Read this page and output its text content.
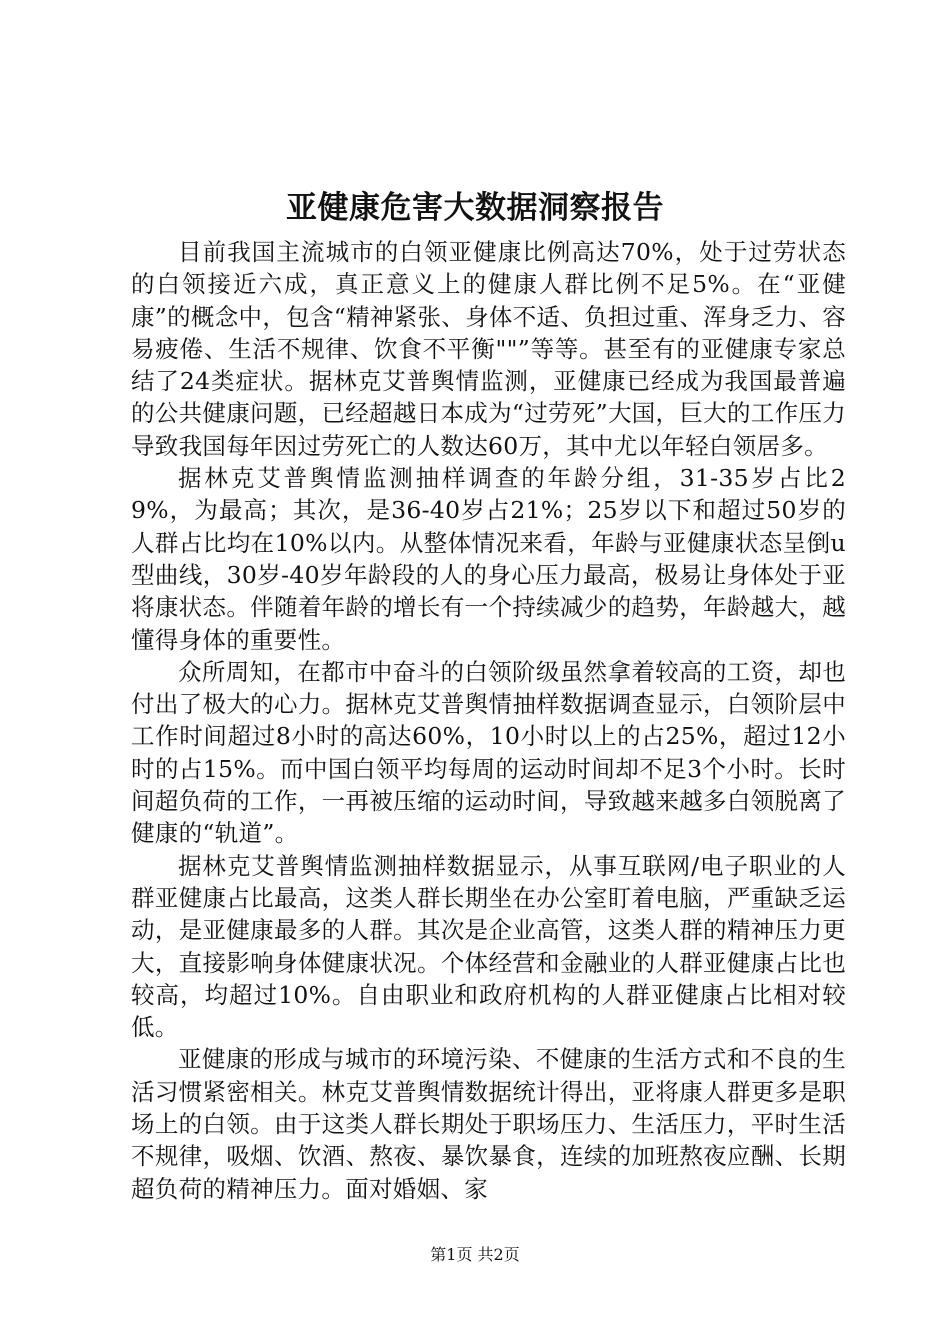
亚健康危害大数据洞察报告

目前我国主流城市的白领亚健康比例高达70%，处于过劳状态的白领接近六成，真正意义上的健康人群比例不足5%。在“亚健康”的概念中，包含“精神紧张、身体不适、负担过重、浑身乏力、容易疲倦、生活不规律、饮食不平衡""”等等。甚至有的亚健康专家总结了24类症状。据林克艾普舆情监测，亚健康已经成为我国最普遍的公共健康问题，已经超越日本成为“过劳死”大国，巨大的工作压力导致我国每年因过劳死亡的人数达60万，其中尤以年轻白领居多。

据林克艾普舆情监测抽样调查的年龄分组，31-35岁占比29%，为最高；其次，是36-40岁占21%；25岁以下和超过50岁的人群占比均在10%以内。从整体情况来看，年龄与亚健康状态呈倒u型曲线，30岁-40岁年龄段的人的身心压力最高，极易让身体处于亚将康状态。伴随着年龄的增长有一个持续减少的趋势，年龄越大，越懂得身体的重要性。

众所周知，在都市中奋斗的白领阶级虽然拿着较高的工资，却也付出了极大的心力。据林克艾普舆情抽样数据调查显示，白领阶层中工作时间超过8小时的高达60%，10小时以上的占25%，超过12小时的占15%。而中国白领平均每周的运动时间却不足3个小时。长时间超负荷的工作，一再被压缩的运动时间，导致越来越多白领脱离了健康的“轨道”。

据林克艾普舆情监测抽样数据显示，从事互联网/电子职业的人群亚健康占比最高，这类人群长期坐在办公室盯着电脑，严重缺乏运动，是亚健康最多的人群。其次是企业高管，这类人群的精神压力更大，直接影响身体健康状况。个体经营和金融业的人群亚健康占比也较高，均超过10%。自由职业和政府机构的人群亚健康占比相对较低。

亚健康的形成与城市的环境污染、不健康的生活方式和不良的生活习惯紧密相关。林克艾普舆情数据统计得出，亚将康人群更多是职场上的白领。由于这类人群长期处于职场压力、生活压力，平时生活不规律，吸烟、饮酒、熬夜、暴饮暴食，连续的加班熬夜应酬、长期超负荷的精神压力。面对婚姻、家

第1页 共2页
